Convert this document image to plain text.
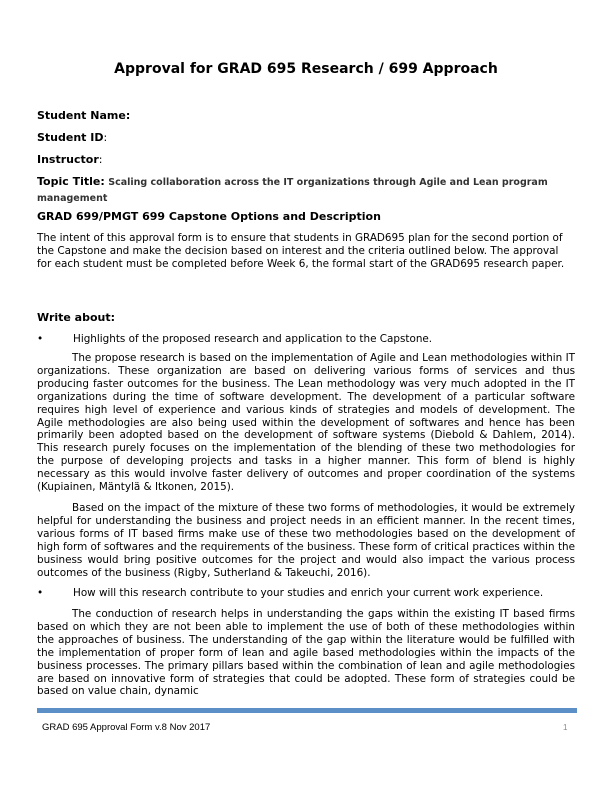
Approval for GRAD 695 Research / 699 Approach
Student Name:
Student ID:
Instructor:
Topic Title: Scaling collaboration across the IT organizations through Agile and Lean program management
GRAD 699/PMGT 699 Capstone Options and Description
The intent of this approval form is to ensure that students in GRAD695 plan for the second portion of the Capstone and make the decision based on interest and the criteria outlined below. The approval for each student must be completed before Week 6, the formal start of the GRAD695 research paper.
Write about:
•	Highlights of the proposed research and application to the Capstone.
The propose research is based on the implementation of Agile and Lean methodologies within IT organizations. These organization are based on delivering various forms of services and thus producing faster outcomes for the business. The Lean methodology was very much adopted in the IT organizations during the time of software development. The development of a particular software requires high level of experience and various kinds of strategies and models of development. The Agile methodologies are also being used within the development of softwares and hence has been primarily been adopted based on the development of software systems (Diebold & Dahlem, 2014). This research purely focuses on the implementation of the blending of these two methodologies for the purpose of developing projects and tasks in a higher manner. This form of blend is highly necessary as this would involve faster delivery of outcomes and proper coordination of the systems (Kupiainen, Mäntylä & Itkonen, 2015).
Based on the impact of the mixture of these two forms of methodologies, it would be extremely helpful for understanding the business and project needs in an efficient manner. In the recent times, various forms of IT based firms make use of these two methodologies based on the development of high form of softwares and the requirements of the business. These form of critical practices within the business would bring positive outcomes for the project and would also impact the various process outcomes of the business (Rigby, Sutherland & Takeuchi, 2016).
•	How will this research contribute to your studies and enrich your current work experience.
The conduction of research helps in understanding the gaps within the existing IT based firms based on which they are not been able to implement the use of both of these methodologies within the approaches of business. The understanding of the gap within the literature would be fulfilled with the implementation of proper form of lean and agile based methodologies within the impacts of the business processes. The primary pillars based within the combination of lean and agile methodologies are based on innovative form of strategies that could be adopted. These form of strategies could be based on value chain, dynamic
GRAD 695 Approval Form v.8 Nov 2017	1
